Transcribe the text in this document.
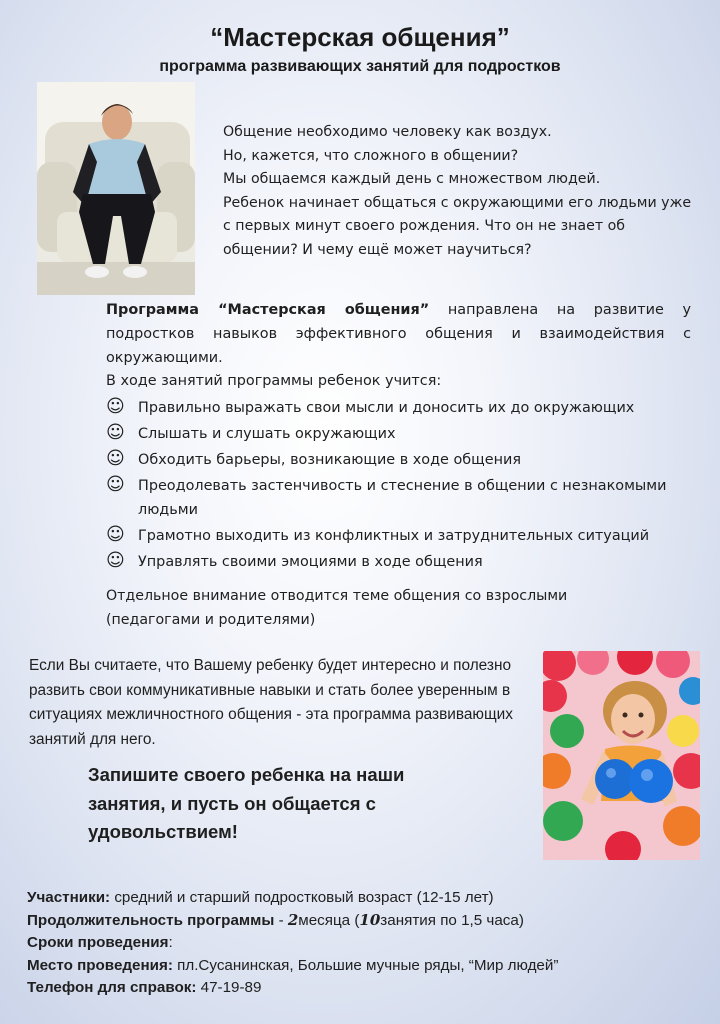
“Мастерская общения”
программа развивающих занятий для подростков

Общение необходимо человеку как воздух.

Но, кажется, что сложного в общении?

Мы общаемся каждый день с множеством людей.

Ребенок начинает общаться с окружающими его людьми уже с первых минут своего рождения. Что он не знает об общении? И чему ещё может научиться?

Программа “Мастерская общения” направлена на развитие у подростков навыков эффективного общения и взаимодействия с окружающими.

В ходе занятий программы ребенок учится:

☺ Правильно выражать свои мысли и доносить их до окружающих
☺ Слышать и слушать окружающих
☺ Обходить барьеры, возникающие в ходе общения
☺ Преодолевать застенчивость и стеснение в общении с незнакомыми людьми
☺ Грамотно выходить из конфликтных и затруднительных ситуаций
☺ Управлять своими эмоциями в ходе общения
Отдельное внимание отводится теме общения со взрослыми (педагогами и родителями)
Если Вы считаете, что Вашему ребенку будет интересно и полезно развить свои коммуникативные навыки и стать более уверенным в ситуациях межличностного общения - эта программа развивающих занятий для него.
Запишите своего ребенка на наши занятия, и пусть он общается с удовольствием!
Участники: средний и старший подростковый возраст (12-15 лет)
Продолжительность программы - 2месяца (10занятия по 1,5 часа)
Сроки проведения:
Место проведения: пл.Сусанинская, Большие мучные ряды, “Мир людей”
Телефон для справок: 47-19-89
